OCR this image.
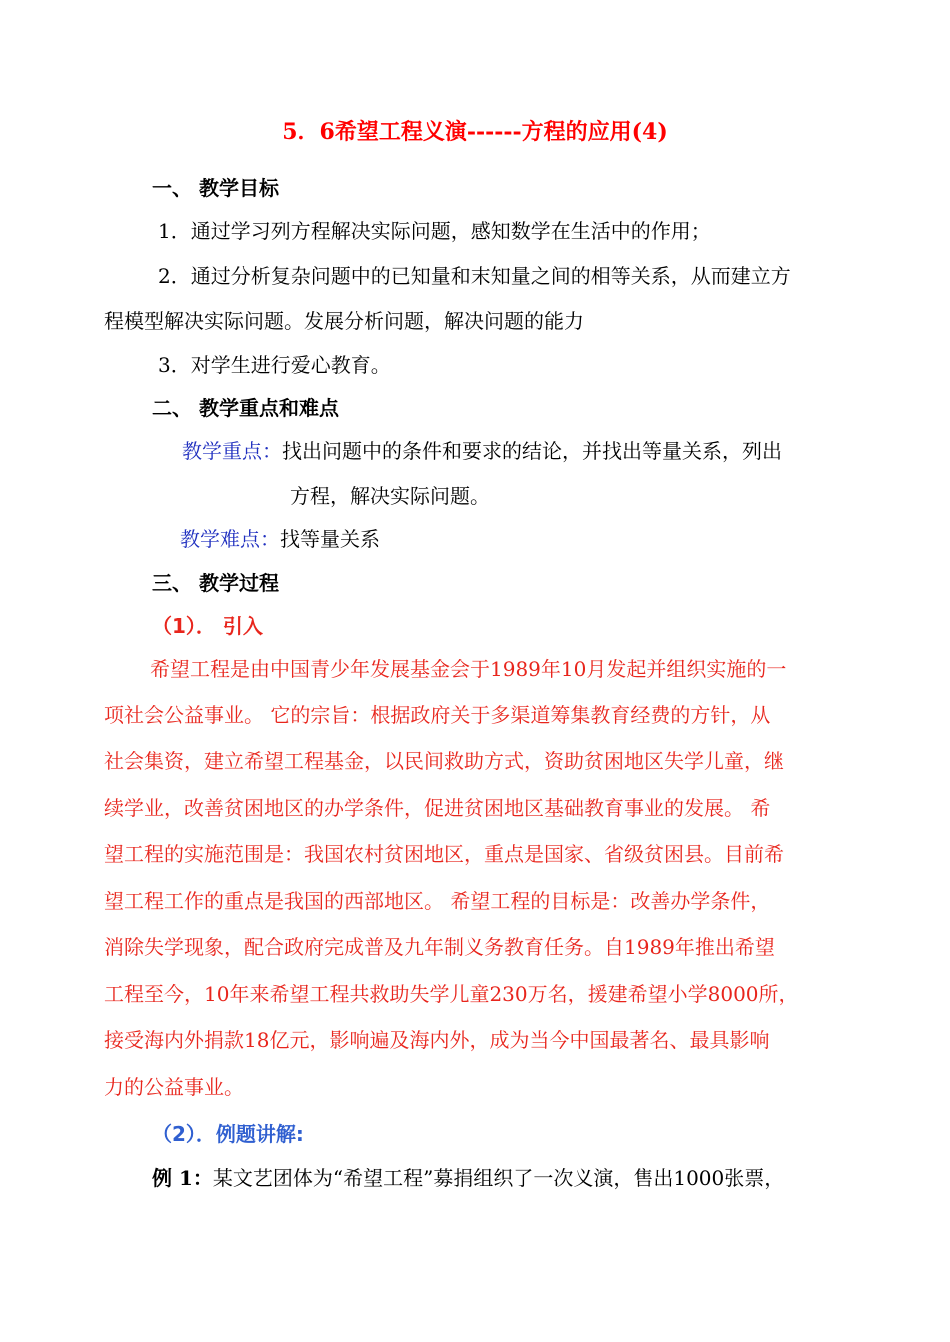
5．6希望工程义演------方程的应用(4)
一、 教学目标
1．通过学习列方程解决实际问题，感知数学在生活中的作用；
2．通过分析复杂问题中的已知量和末知量之间的相等关系，从而建立方
程模型解决实际问题。发展分析问题，解决问题的能力
3．对学生进行爱心教育。
二、 教学重点和难点
教学重点：找出问题中的条件和要求的结论，并找出等量关系，列出
方程，解决实际问题。
教学难点：找等量关系
三、 教学过程
（1）． 引入
希望工程是由中国青少年发展基金会于1989年10月发起并组织实施的一
项社会公益事业。 它的宗旨：根据政府关于多渠道筹集教育经费的方针，从
社会集资，建立希望工程基金，以民间救助方式，资助贫困地区失学儿童，继
续学业，改善贫困地区的办学条件，促进贫困地区基础教育事业的发展。 希
望工程的实施范围是：我国农村贫困地区，重点是国家、省级贫困县。目前希
望工程工作的重点是我国的西部地区。 希望工程的目标是：改善办学条件，
消除失学现象，配合政府完成普及九年制义务教育任务。自1989年推出希望
工程至今，10年来希望工程共救助失学儿童230万名，援建希望小学8000所，
接受海内外捐款18亿元，影响遍及海内外，成为当今中国最著名、最具影响
力的公益事业。
（2）．例题讲解:
例 1：某文艺团体为“希望工程”募捐组织了一次义演，售出1000张票，
